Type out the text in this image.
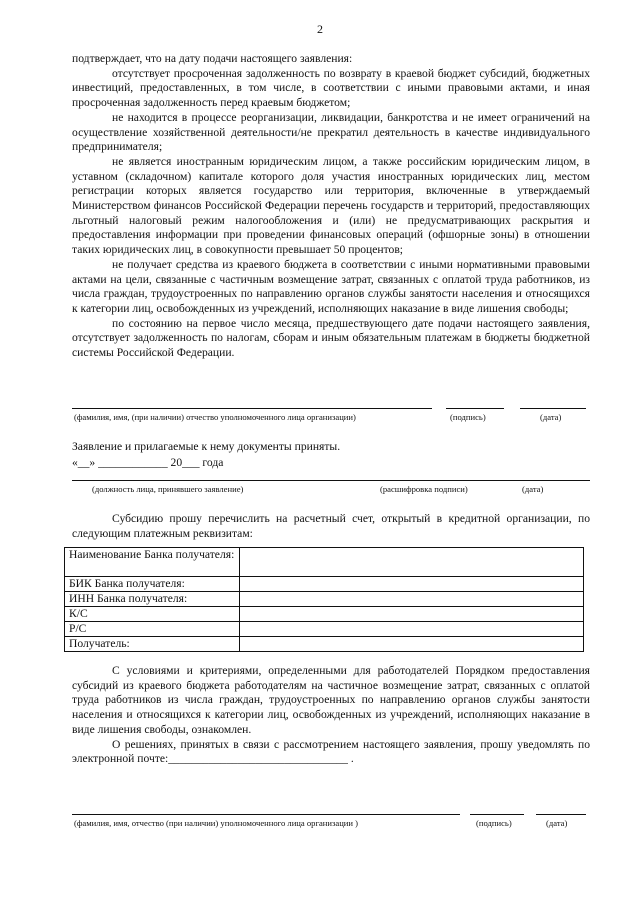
2

подтверждает, что на дату подачи настоящего заявления:

отсутствует просроченная задолженность по возврату в краевой бюджет субсидий, бюджетных инвестиций, предоставленных, в том числе, в соответствии с иными правовыми актами, и иная просроченная задолженность перед краевым бюджетом;

не находится в процессе реорганизации, ликвидации, банкротства и не имеет ограничений на осуществление хозяйственной деятельности/не прекратил деятельность в качестве индивидуального предпринимателя;

не является иностранным юридическим лицом, а также российским юридическим лицом, в уставном (складочном) капитале которого доля участия иностранных юридических лиц, местом регистрации которых является государство или территория, включенные в утверждаемый Министерством финансов Российской Федерации перечень государств и территорий, предоставляющих льготный налоговый режим налогообложения и (или) не предусматривающих раскрытия и предоставления информации при проведении финансовых операций (офшорные зоны) в отношении таких юридических лиц, в совокупности превышает 50 процентов;

не получает средства из краевого бюджета в соответствии с иными нормативными правовыми актами на цели, связанные с частичным возмещение затрат, связанных с оплатой труда работников, из числа граждан, трудоустроенных по направлению органов службы занятости населения и относящихся к категории лиц, освобожденных из учреждений, исполняющих наказание в виде лишения свободы;

по состоянию на первое число месяца, предшествующего дате подачи настоящего заявления, отсутствует задолженность по налогам, сборам и иным обязательным платежам в бюджеты бюджетной системы Российской Федерации.

(фамилия, имя, (при наличии) отчество уполномоченного лица организации)	(подпись)	(дата)
Заявление и прилагаемые к нему документы приняты.
«__» ____________ 20___ года
(должность лица, принявшего заявление)	(расшифровка подписи)	(дата)
Субсидию прошу перечислить на расчетный счет, открытый в кредитной организации, по следующим платежным реквизитам:
Наименование Банка получателя:	
БИК Банка получателя:	
ИНН Банка получателя:	
К/С	
Р/С	
Получатель:	

С условиями и критериями, определенными для работодателей Порядком предоставления субсидий из краевого бюджета работодателям на частичное возмещение затрат, связанных с оплатой труда работников из числа граждан, трудоустроенных по направлению органов службы занятости населения и относящихся к категории лиц, освобожденных из учреждений, исполняющих наказание в виде лишения свободы, ознакомлен.

О решениях, принятых в связи с рассмотрением настоящего заявления, прошу уведомлять по электронной почте:_______________________________ .

(фамилия, имя, отчество (при наличии) уполномоченного лица организации )	(подпись)	(дата)
